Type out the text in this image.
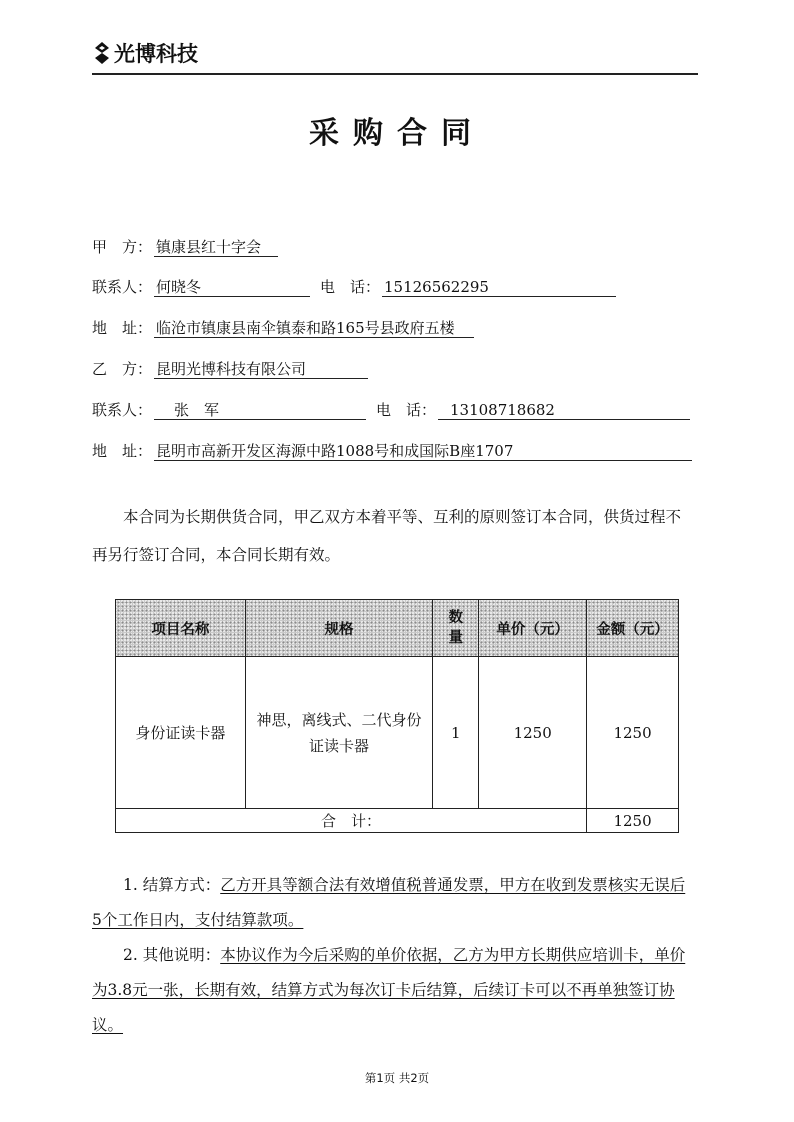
光博科技
采购合同
甲　方： 镇康县红十字会
联系人： 何晓冬	电　话： 15126562295
地　址： 临沧市镇康县南伞镇泰和路165号县政府五楼
乙　方： 昆明光博科技有限公司
联系人：	张　军	电　话： 13108718682
地　址： 昆明市高新开发区海源中路1088号和成国际B座1707
本合同为长期供货合同，甲乙双方本着平等、互利的原则签订本合同，供货过程不
再另行签订合同，本合同长期有效。
项目名称	规格	数量	单价（元）	金额（元）
身份证读卡器	神思，离线式、二代身份
证读卡器	1	1250	1250
合　计：				1250
1. 结算方式：乙方开具等额合法有效增值税普通发票，甲方在收到发票核实无误后
5个工作日内，支付结算款项。
2. 其他说明：本协议作为今后采购的单价依据，乙方为甲方长期供应培训卡，单价
为3.8元一张，长期有效，结算方式为每次订卡后结算，后续订卡可以不再单独签订协
议。
第1页 共2页
